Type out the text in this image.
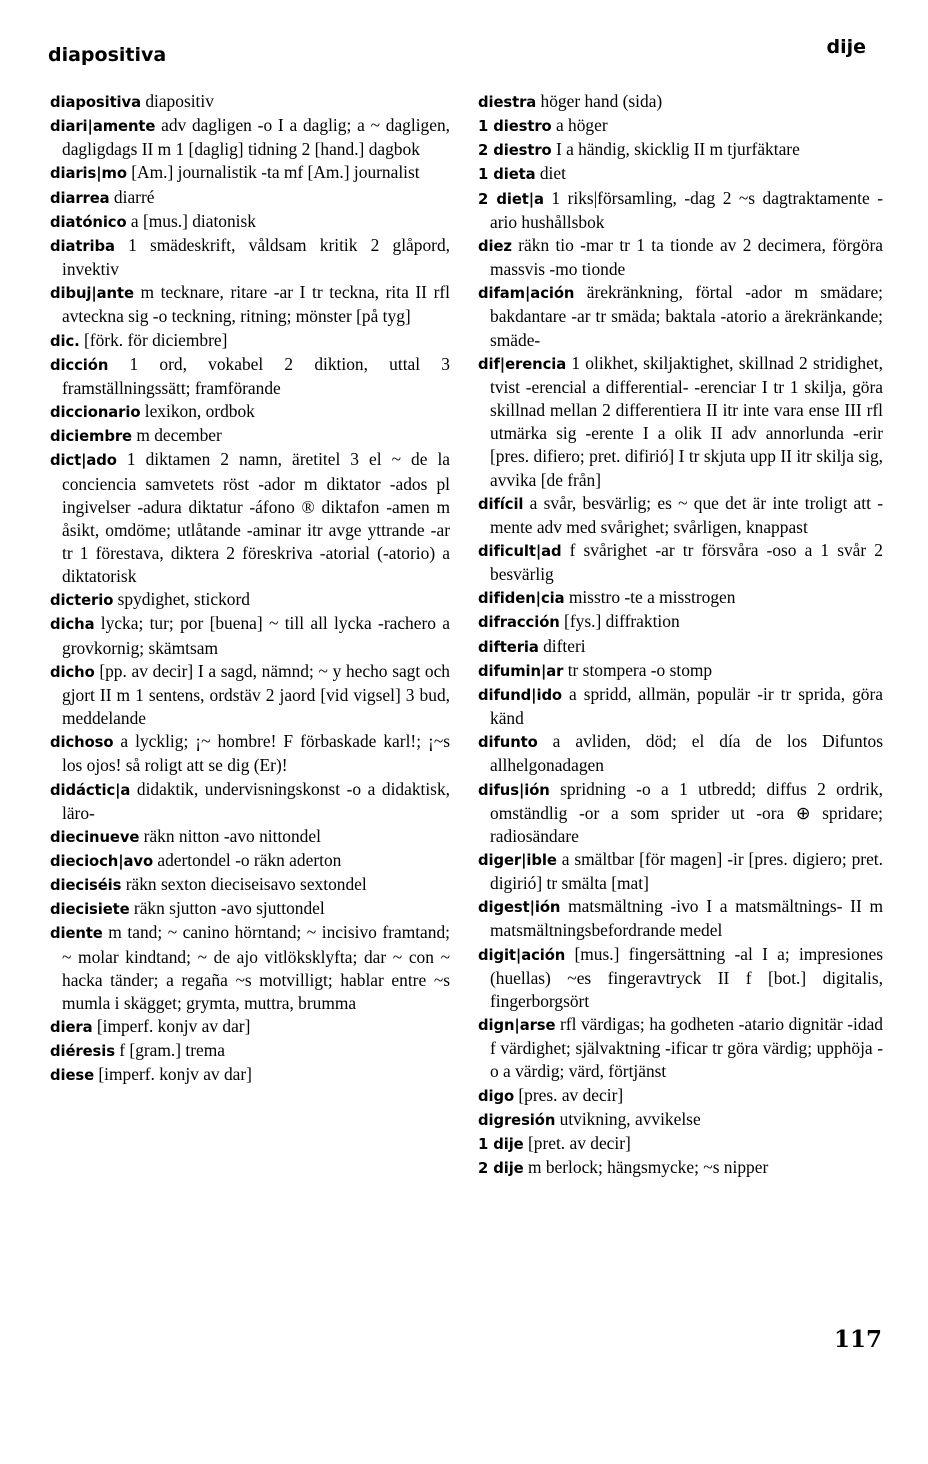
diapositiva	dije

diapositiva diapositiv

diari|amente adv dagligen -o I a daglig; a ~ dagligen, dagligdags II m 1 [daglig] tidning 2 [hand.] dagbok

diaris|mo [Am.] journalistik -ta mf [Am.] journalist

diarrea diarré

diatónico a [mus.] diatonisk

diatriba 1 smädeskrift, våldsam kritik 2 glåpord, invektiv

dibuj|ante m tecknare, ritare -ar I tr teckna, rita II rfl avteckna sig -o teckning, ritning; mönster [på tyg]

dic. [förk. för diciembre]

dicción 1 ord, vokabel 2 diktion, uttal 3 framställningssätt; framförande

diccionario lexikon, ordbok

diciembre m december

dict|ado 1 diktamen 2 namn, äretitel 3 el ~ de la conciencia samvetets röst -ador m diktator -ados pl ingivelser -adura diktatur -áfono ® diktafon -amen m åsikt, omdöme; utlåtande -aminar itr avge yttrande -ar tr 1 förestava, diktera 2 föreskriva -atorial (-atorio) a diktatorisk

dicterio spydighet, stickord

dicha lycka; tur; por [buena] ~ till all lycka -rachero a grovkornig; skämtsam

dicho [pp. av decir] I a sagd, nämnd; ~ y hecho sagt och gjort II m 1 sentens, ordstäv 2 jaord [vid vigsel] 3 bud, meddelande

dichoso a lycklig; ¡~ hombre! F förbaskade karl!; ¡~s los ojos! så roligt att se dig (Er)!

didáctic|a didaktik, undervisningskonst -o a didaktisk, läro-

diecinueve räkn nitton -avo nittondel

diecioch|avo adertondel -o räkn aderton

dieciséis räkn sexton dieciseisavo sextondel

diecisiete räkn sjutton -avo sjuttondel

diente m tand; ~ canino hörntand; ~ incisivo framtand; ~ molar kindtand; ~ de ajo vitlöksklyfta; dar ~ con ~ hacka tänder; a regaña ~s motvilligt; hablar entre ~s mumla i skägget; grymta, muttra, brumma

diera [imperf. konjv av dar]

diéresis f [gram.] trema

diese [imperf. konjv av dar]

diestra höger hand (sida)

1 diestro a höger

2 diestro I a händig, skicklig II m tjurfäktare

1 dieta diet

2 diet|a 1 riks|församling, -dag 2 ~s dagtraktamente -ario hushållsbok

diez räkn tio -mar tr 1 ta tionde av 2 decimera, förgöra massvis -mo tionde

difam|ación ärekränkning, förtal -ador m smädare; bakdantare -ar tr smäda; baktala -atorio a ärekränkande; smäde-

dif|erencia 1 olikhet, skiljaktighet, skillnad 2 stridighet, tvist -erencial a differential- -erenciar I tr 1 skilja, göra skillnad mellan 2 differentiera II itr inte vara ense III rfl utmärka sig -erente I a olik II adv annorlunda -erir [pres. difiero; pret. difirió] I tr skjuta upp II itr skilja sig, avvika [de från]

difícil a svår, besvärlig; es ~ que det är inte troligt att -mente adv med svårighet; svårligen, knappast

dificult|ad f svårighet -ar tr försvåra -oso a 1 svår 2 besvärlig

difiden|cia misstro -te a misstrogen

difracción [fys.] diffraktion

difteria difteri

difumin|ar tr stompera -o stomp

difund|ido a spridd, allmän, populär -ir tr sprida, göra känd

difunto a avliden, död; el día de los Difuntos allhelgonadagen

difus|ión spridning -o a 1 utbredd; diffus 2 ordrik, omständlig -or a som sprider ut -ora ⊕ spridare; radiosändare

diger|ible a smältbar [för magen] -ir [pres. digiero; pret. digirió] tr smälta [mat]

digest|ión matsmältning -ivo I a matsmältnings- II m matsmältningsbefordrande medel

digit|ación [mus.] fingersättning -al I a; impresiones (huellas) ~es fingeravtryck II f [bot.] digitalis, fingerborgsört

dign|arse rfl värdigas; ha godheten -atario dignitär -idad f värdighet; självaktning -ificar tr göra värdig; upphöja -o a värdig; värd, förtjänst

digo [pres. av decir]

digresión utvikning, avvikelse

1 dije [pret. av decir]

2 dije m berlock; hängsmycke; ~s nipper

117
